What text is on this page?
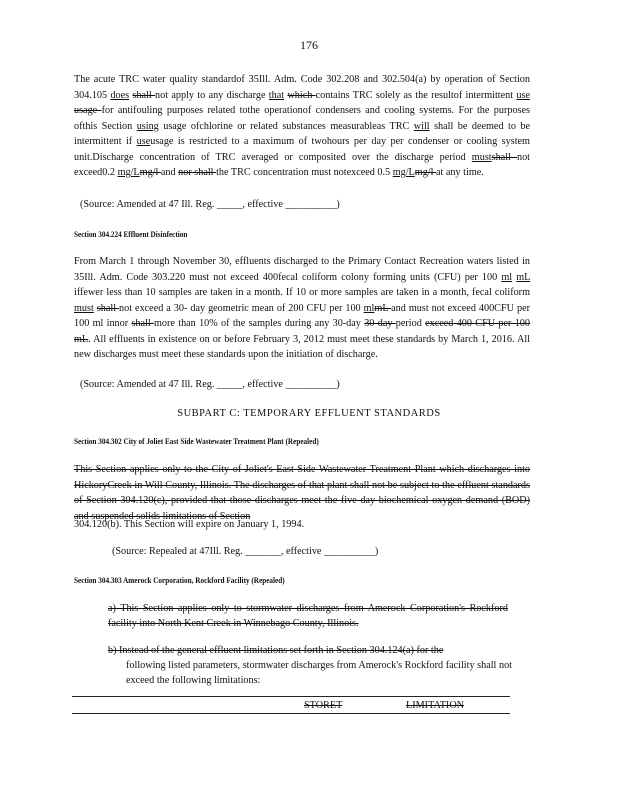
176
The acute TRC water quality standardof 35Ill. Adm. Code 302.208 and 302.504(a) by operation of Section 304.105 does shall not apply to any discharge that which contains TRC solely as the resultof intermittent use usage for antifouling purposes related tothe operationof condensers and cooling systems. For the purposes ofthis Section using usage ofchlorine or related substances measurableas TRC will shall be deemed to be intermittent if useusage is restricted to a maximum of twohours per day per condenser or cooling system unit.Discharge concentration of TRC averaged or composited over the discharge period mustshall not exceed0.2 mg/Lmg/l and nor shall the TRC concentration must notexceed 0.5 mg/Lmg/l at any time.
(Source: Amended at 47 Ill. Reg. _____, effective __________)
Section 304.224 Effluent Disinfection
From March 1 through November 30, effluents discharged to the Primary Contact Recreation waters listed in 35Ill. Adm. Code 303.220 must not exceed 400fecal coliform colony forming units (CFU) per 100 ml mL iffewer less than 10 samples are taken in a month. If 10 or more samples are taken in a month, fecal coliform must shall not exceed a 30- day geometric mean of 200 CFU per 100 mlmL and must not exceed 400CFU per 100 ml innor shall more than 10% of the samples during any 30-day 30-day period exceed 400 CFU per 100 mL. All effluents in existence on or before February 3, 2012 must meet these standards by March 1, 2016. All new discharges must meet these standards upon the initiation of discharge.
(Source: Amended at 47 Ill. Reg. _____, effective __________)
SUBPART C: TEMPORARY EFFLUENT STANDARDS
Section 304.302 City of Joliet East Side Wastewater Treatment Plant (Repealed)
This Section applies only to the City of Joliet's East Side Wastewater Treatment Plant which discharges into HickoryCreek in Will County, Illinois. The discharges of that plant shall not be subject to the effluent standards of Section 304.120(c), provided that those discharges meet the five day biochemical oxygen demand (BOD) and suspended solids limitations of Section
304.120(b). This Section will expire on January 1, 1994.
(Source: Repealed at 47Ill. Reg. _______, effective __________)
Section 304.303 Amerock Corporation, Rockford Facility (Repealed)
a) This Section applies only to stormwater discharges from Amerock Corporation's Rockford facility into North Kent Creek in Winnebago County, Illinois.
b) Instead of the general effluent limitations set forth in Section 304.124(a) for the
following listed parameters, stormwater discharges from Amerock's Rockford facility shall not exceed the following limitations:
STORET	LIMITATION
